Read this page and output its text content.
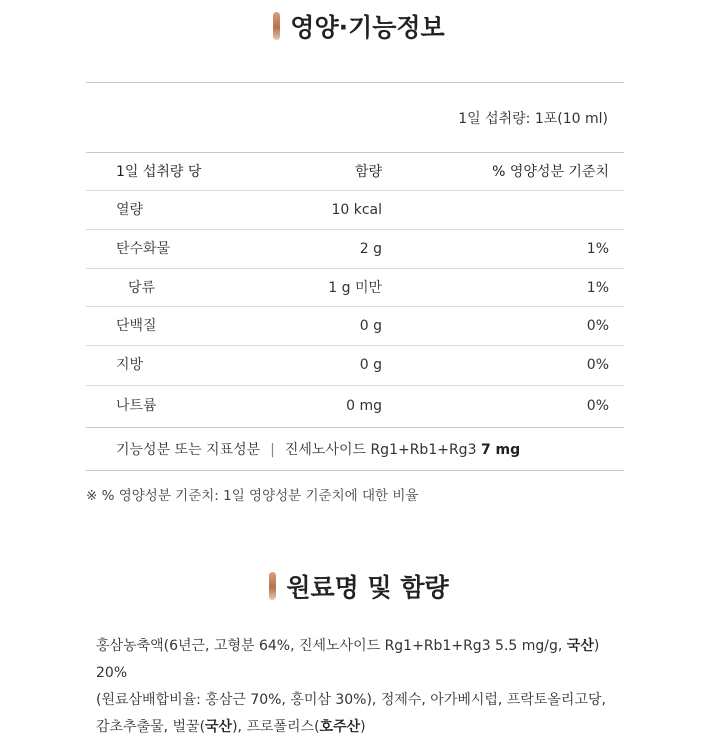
영양·기능정보
1일 섭취량: 1포(10 ml)
1일 섭취량 당	함량	% 영양성분 기준치
열량	10 kcal
탄수화물	2 g	1%
당류	1 g 미만	1%
단백질	0 g	0%
지방	0 g	0%
나트륨	0 mg	0%
기능성분 또는 지표성분 | 진세노사이드 Rg1+Rb1+Rg3 7 mg
※ % 영양성분 기준치: 1일 영양성분 기준치에 대한 비율
원료명 및 함량
홍삼농축액(6년근, 고형분 64%, 진세노사이드 Rg1+Rb1+Rg3 5.5 mg/g, 국산) 20%
(원료삼배합비율: 홍삼근 70%, 홍미삼 30%), 정제수, 아가베시럽, 프락토올리고당,
감초추출물, 벌꿀(국산), 프로폴리스(호주산)
